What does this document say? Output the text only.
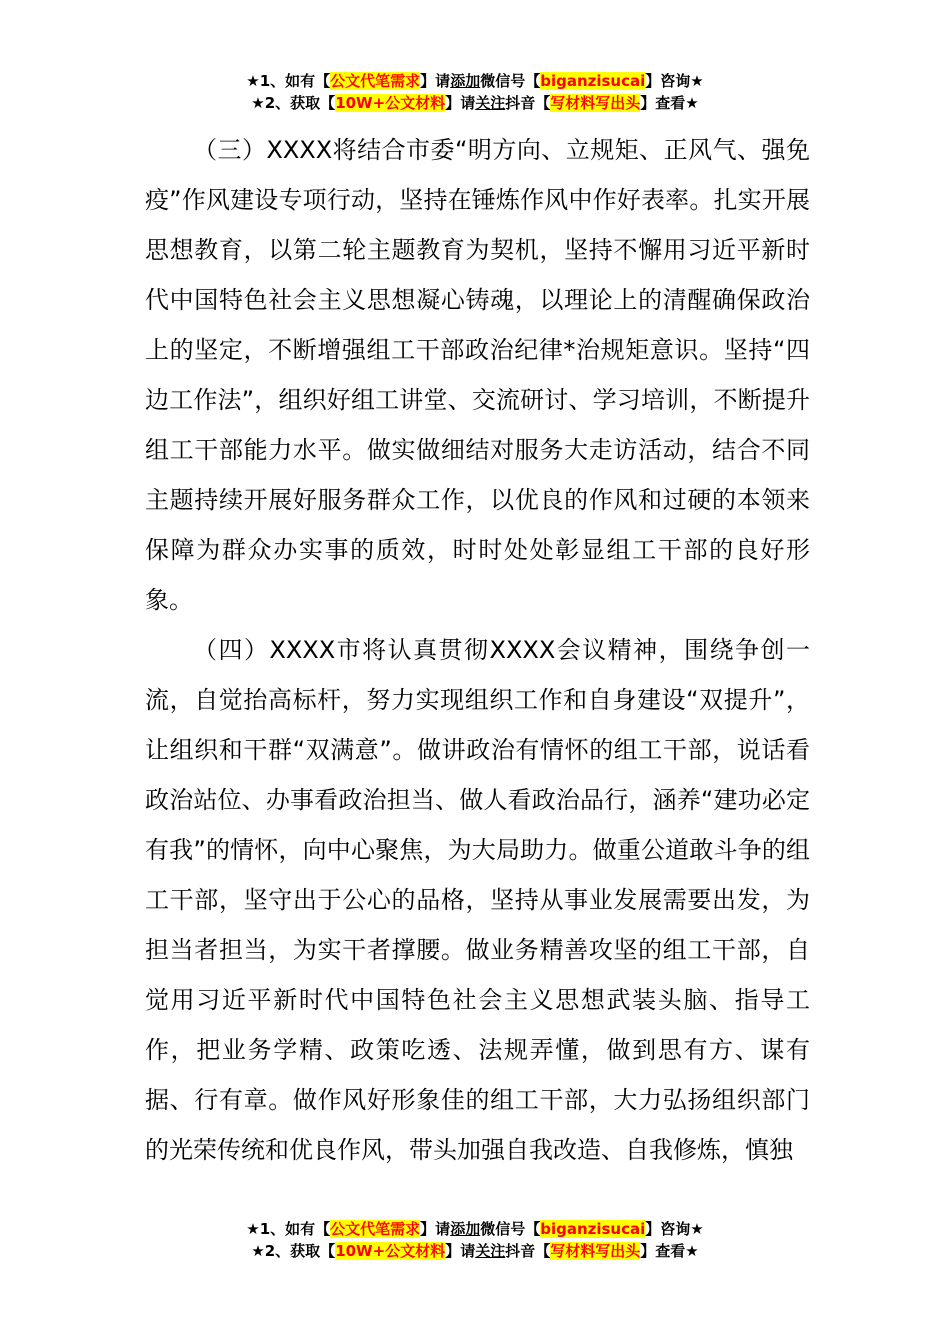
★1、如有【公文代笔需求】请添加微信号【biganzisucai】咨询★
★2、获取【10W+公文材料】请关注抖音【写材料写出头】查看★

（三）XXXX将结合市委“明方向、立规矩、正风气、强免疫”作风建设专项行动，坚持在锤炼作风中作好表率。扎实开展思想教育，以第二轮主题教育为契机，坚持不懈用习近平新时代中国特色社会主义思想凝心铸魂，以理论上的清醒确保政治上的坚定，不断增强组工干部政治纪律*治规矩意识。坚持“四边工作法”，组织好组工讲堂、交流研讨、学习培训，不断提升组工干部能力水平。做实做细结对服务大走访活动，结合不同主题持续开展好服务群众工作，以优良的作风和过硬的本领来保障为群众办实事的质效，时时处处彰显组工干部的良好形象。

（四）XXXX市将认真贯彻XXXX会议精神，围绕争创一流，自觉抬高标杆，努力实现组织工作和自身建设“双提升”，让组织和干群“双满意”。做讲政治有情怀的组工干部，说话看政治站位、办事看政治担当、做人看政治品行，涵养“建功必定有我”的情怀，向中心聚焦，为大局助力。做重公道敢斗争的组工干部，坚守出于公心的品格，坚持从事业发展需要出发，为担当者担当，为实干者撑腰。做业务精善攻坚的组工干部，自觉用习近平新时代中国特色社会主义思想武装头脑、指导工作，把业务学精、政策吃透、法规弄懂，做到思有方、谋有据、行有章。做作风好形象佳的组工干部，大力弘扬组织部门的光荣传统和优良作风，带头加强自我改造、自我修炼，慎独

★1、如有【公文代笔需求】请添加微信号【biganzisucai】咨询★
★2、获取【10W+公文材料】请关注抖音【写材料写出头】查看★
